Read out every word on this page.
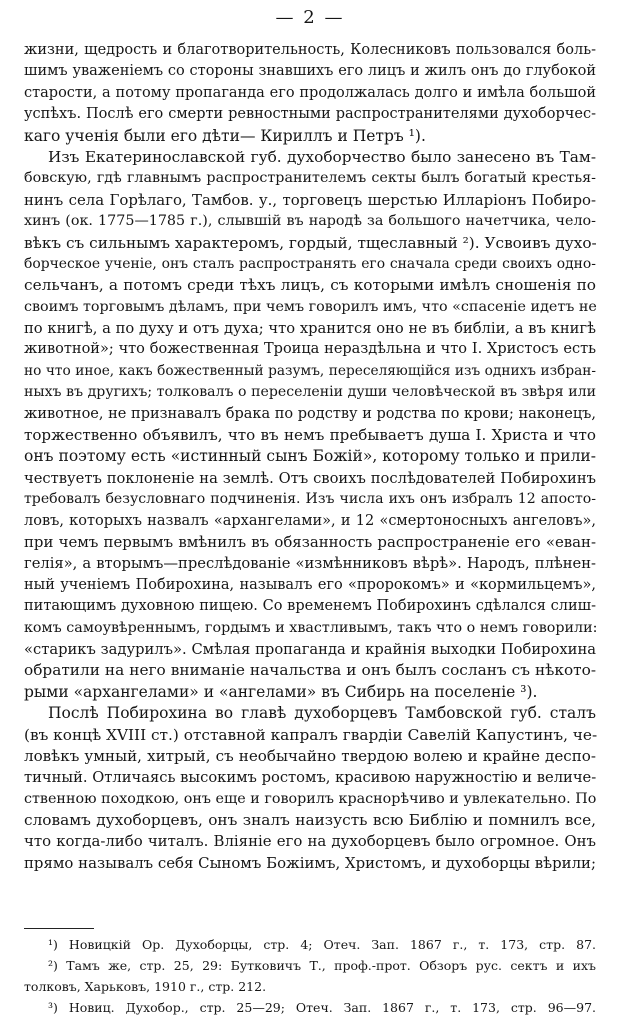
— 2 —
жизни, щедрость и благотворительность, Колесниковъ пользовался боль-
шимъ уваженіемъ со стороны знавшихъ его лицъ и жилъ онъ до глубокой
старости, а потому пропаганда его продолжалась долго и имѣла большой
успѣхъ. Послѣ его смерти ревностными распространителями духоборчес-
каго ученія были его дѣти— Кириллъ и Петръ ¹).
Изъ Екатеринославской губ. духоборчество было занесено въ Там-
бовскую, гдѣ главнымъ распространителемъ секты былъ богатый крестья-
нинъ села Горѣлаго, Тамбов. у., торговецъ шерстью Илларіонъ Побиро-
хинъ (ок. 1775—1785 г.), слывшій въ народѣ за большого начетчика, чело-
вѣкъ съ сильнымъ характеромъ, гордый, тщеславный ²). Усвоивъ духо-
борческое ученіе, онъ сталъ распространять его сначала среди своихъ одно-
сельчанъ, а потомъ среди тѣхъ лицъ, съ которыми имѣлъ сношенія по
своимъ торговымъ дѣламъ, при чемъ говорилъ имъ, что «спасеніе идетъ не
по книгѣ, а по духу и отъ духа; что хранится оно не въ библіи, а въ книгѣ
животной»; что божественная Троица нераздѣльна и что І. Христосъ есть
но что иное, какъ божественный разумъ, переселяющійся изъ однихъ избран-
ныхъ въ другихъ; толковалъ о переселеніи души человѣческой въ звѣря или
животное, не признавалъ брака по родству и родства по крови; наконецъ,
торжественно объявилъ, что въ немъ пребываетъ душа І. Христа и что
онъ поэтому есть «истинный сынъ Божій», которому только и прили-
чествуетъ поклоненіе на землѣ. Отъ своихъ послѣдователей Побирохинъ
требовалъ безусловнаго подчиненія. Изъ числа ихъ онъ избралъ 12 апосто-
ловъ, которыхъ назвалъ «архангелами», и 12 «смертоносныхъ ангеловъ»,
при чемъ первымъ вмѣнилъ въ обязанность распространеніе его «еван-
гелія», а вторымъ—преслѣдованіе «измѣнниковъ вѣрѣ». Народъ, плѣнен-
ный ученіемъ Побирохина, называлъ его «пророкомъ» и «кормильцемъ»,
питающимъ духовною пищею. Со временемъ Побирохинъ сдѣлался слиш-
комъ самоувѣреннымъ, гордымъ и хвастливымъ, такъ что о немъ говорили:
«старикъ задурилъ». Смѣлая пропаганда и крайнія выходки Побирохина
обратили на него вниманіе начальства и онъ былъ сосланъ съ нѣкото-
рыми «архангелами» и «ангелами» въ Сибирь на поселеніе ³).
Послѣ Побирохина во главѣ духоборцевъ Тамбовской губ. сталъ
(въ концѣ XVIII ст.) отставной капралъ гвардіи Савелій Капустинъ, че-
ловѣкъ умный, хитрый, съ необычайно твердою волею и крайне деспо-
тичный. Отличаясь высокимъ ростомъ, красивою наружностію и величе-
ственною походкою, онъ еще и говорилъ краснорѣчиво и увлекательно. По
словамъ духоборцевъ, онъ зналъ наизусть всю Библію и помнилъ все,
что когда-либо читалъ. Вліяніе его на духоборцевъ было огромное. Онъ
прямо называлъ себя Сыномъ Божіимъ, Христомъ, и духоборцы вѣрили;
¹) Новицкій Ор. Духоборцы, стр. 4; Отеч. Зап. 1867 г., т. 173, стр. 87.
²) Тамъ же, стр. 25, 29: Бутковичъ Т., проф.-прот. Обзоръ рус. сектъ и ихъ
толковъ, Харьковъ, 1910 г., стр. 212.
³) Новиц. Духобор., стр. 25—29; Отеч. Зап. 1867 г., т. 173, стр. 96—97.
